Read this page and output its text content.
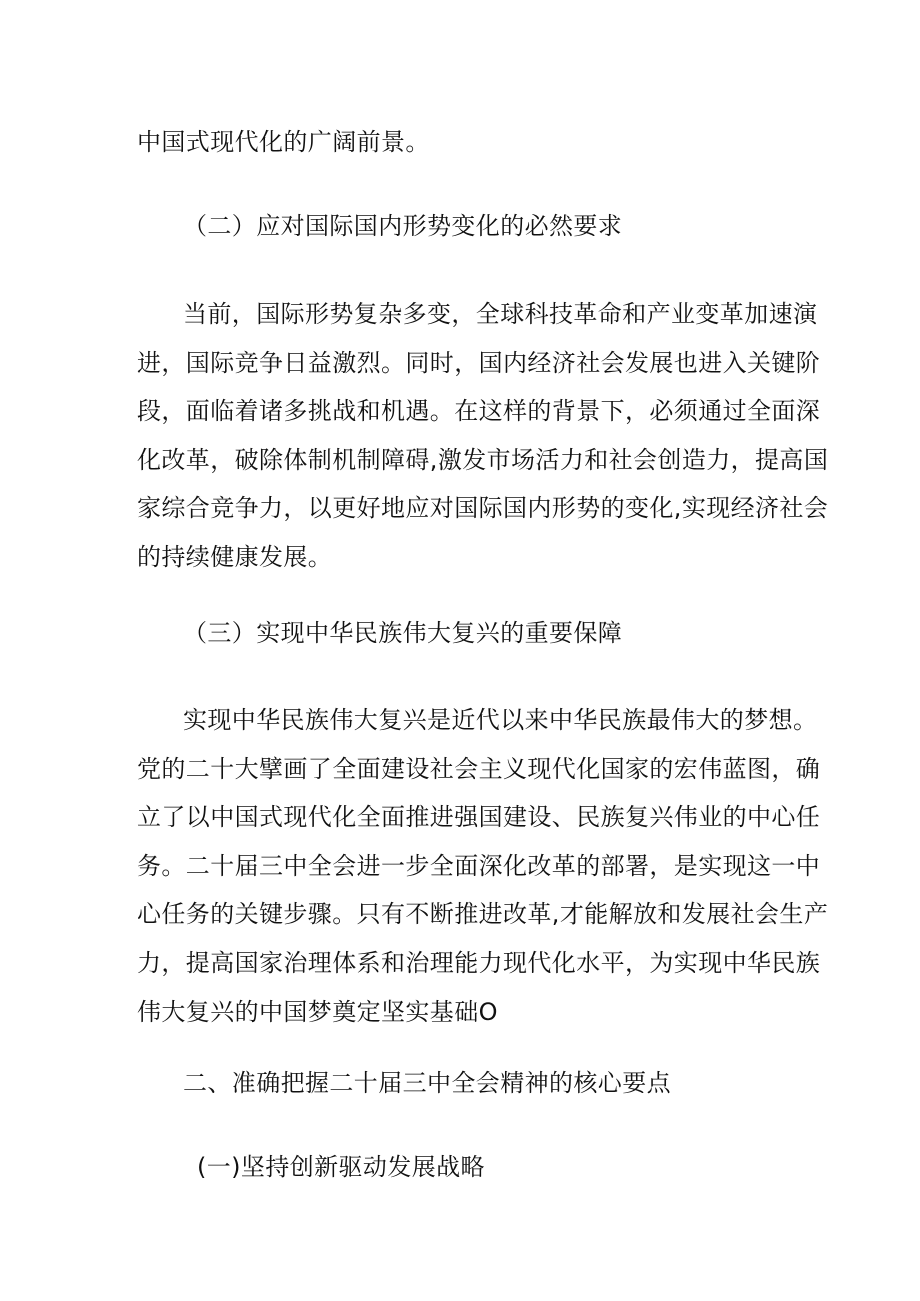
中国式现代化的广阔前景。
（二）应对国际国内形势变化的必然要求
当前，国际形势复杂多变，全球科技革命和产业变革加速演
进，国际竞争日益激烈。同时，国内经济社会发展也进入关键阶
段，面临着诸多挑战和机遇。在这样的背景下，必须通过全面深
化改革，破除体制机制障碍,激发市场活力和社会创造力，提高国
家综合竞争力，以更好地应对国际国内形势的变化,实现经济社会
的持续健康发展。
（三）实现中华民族伟大复兴的重要保障
实现中华民族伟大复兴是近代以来中华民族最伟大的梦想。
党的二十大擘画了全面建设社会主义现代化国家的宏伟蓝图，确
立了以中国式现代化全面推进强国建设、民族复兴伟业的中心任
务。二十届三中全会进一步全面深化改革的部署，是实现这一中
心任务的关键步骤。只有不断推进改革,才能解放和发展社会生产
力，提高国家治理体系和治理能力现代化水平，为实现中华民族
伟大复兴的中国梦奠定坚实基础O
二、准确把握二十届三中全会精神的核心要点
(一)坚持创新驱动发展战略
